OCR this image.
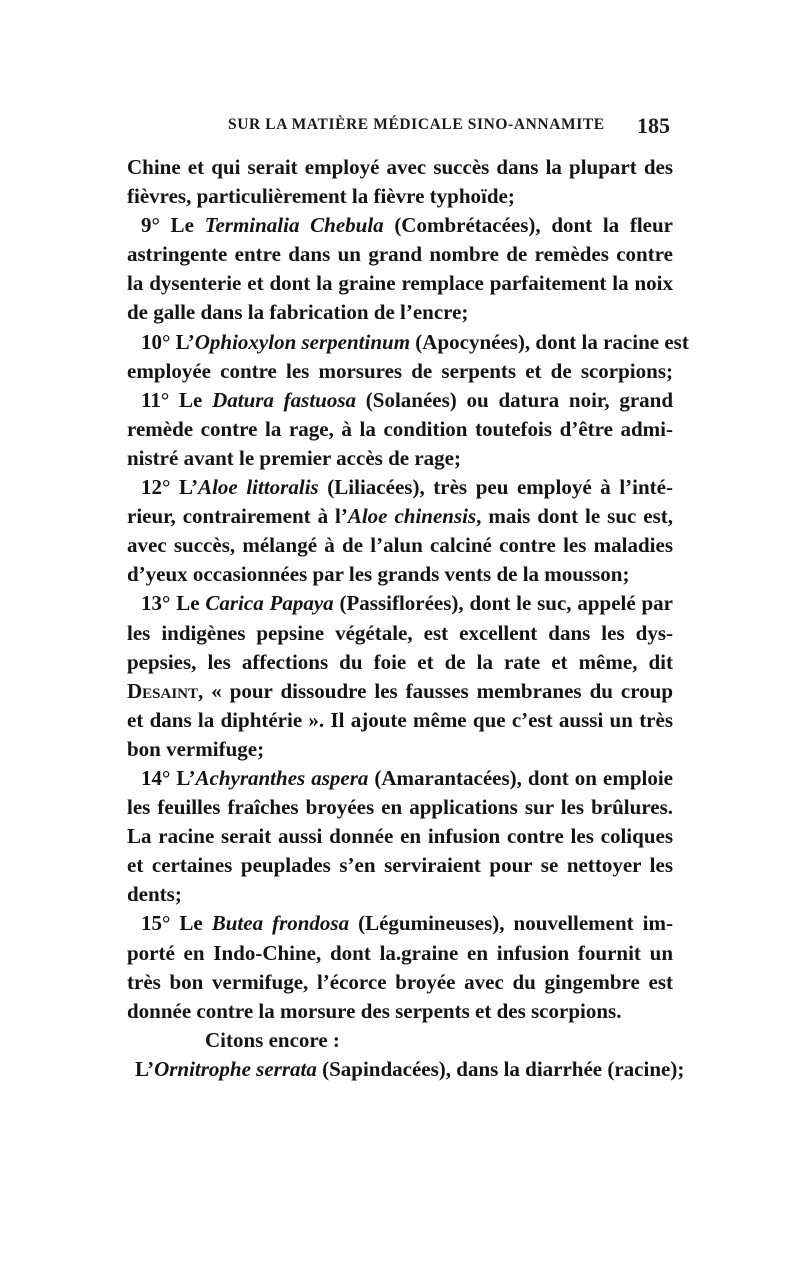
SUR LA MATIÈRE MÉDICALE SINO-ANNAMITE 185
Chine et qui serait employé avec succès dans la plupart des
fièvres, particulièrement la fièvre typhoïde;
9° Le Terminalia Chebula (Combrétacées), dont la fleur
astringente entre dans un grand nombre de remèdes contre
la dysenterie et dont la graine remplace parfaitement la noix
de galle dans la fabrication de l’encre;
10° L’Ophioxylon serpentinum (Apocynées), dont la racine est
employée contre les morsures de serpents et de scorpions;
11° Le Datura fastuosa (Solanées) ou datura noir, grand
remède contre la rage, à la condition toutefois d’être admi-
nistré avant le premier accès de rage;
12° L’Aloe littoralis (Liliacées), très peu employé à l’inté-
rieur, contrairement à l’Aloe chinensis, mais dont le suc est,
avec succès, mélangé à de l’alun calciné contre les maladies
d’yeux occasionnées par les grands vents de la mousson;
13° Le Carica Papaya (Passiflorées), dont le suc, appelé par
les indigènes pepsine végétale, est excellent dans les dys-
pepsies, les affections du foie et de la rate et même, dit
Desaint, « pour dissoudre les fausses membranes du croup
et dans la diphtérie ». Il ajoute même que c’est aussi un très
bon vermifuge;
14° L’Achyranthes aspera (Amarantacées), dont on emploie
les feuilles fraîches broyées en applications sur les brûlures.
La racine serait aussi donnée en infusion contre les coliques
et certaines peuplades s’en serviraient pour se nettoyer les
dents;
15° Le Butea frondosa (Légumineuses), nouvellement im-
porté en Indo-Chine, dont la.graine en infusion fournit un
très bon vermifuge, l’écorce broyée avec du gingembre est
donnée contre la morsure des serpents et des scorpions.
Citons encore :
L’Ornitrophe serrata (Sapindacées), dans la diarrhée (racine);
